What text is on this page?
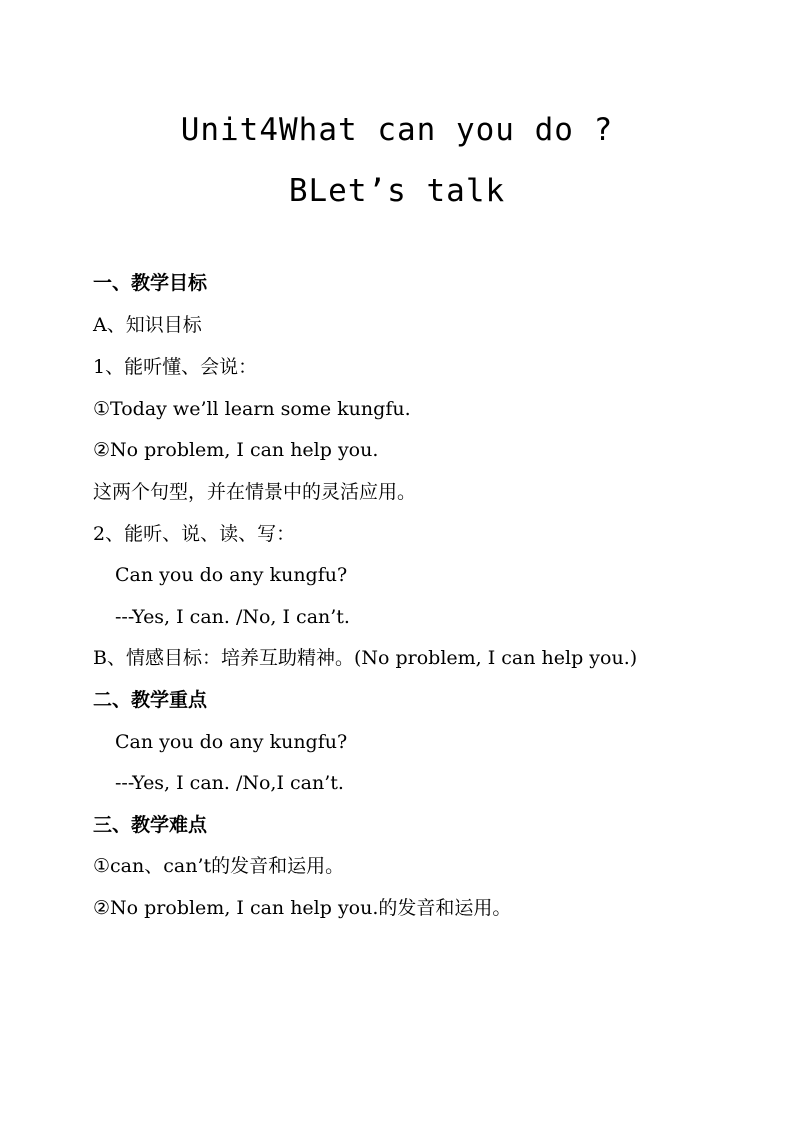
Unit4What can you do ?
BLet’s talk
一、教学目标
A、知识目标
1、能听懂、会说：
①Today we’ll learn some kungfu.
②No problem, I can help you.
这两个句型，并在情景中的灵活应用。
2、能听、说、读、写：
Can you do any kungfu?
---Yes, I can. /No, I can’t.
B、情感目标：培养互助精神。(No problem, I can help you.)
二、教学重点
Can you do any kungfu?
---Yes, I can. /No,I can’t.
三、教学难点
①can、can’t的发音和运用。
②No problem, I can help you.的发音和运用。
